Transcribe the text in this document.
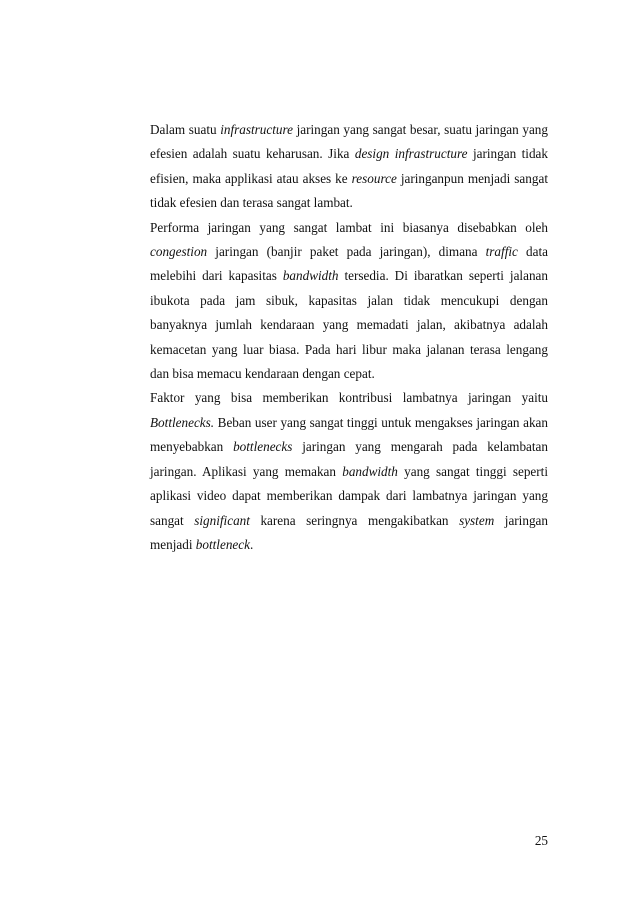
Dalam suatu infrastructure jaringan yang sangat besar, suatu jaringan yang efesien adalah suatu keharusan. Jika design infrastructure jaringan tidak efisien, maka applikasi atau akses ke resource jaringanpun menjadi sangat tidak efesien dan terasa sangat lambat.

Performa jaringan yang sangat lambat ini biasanya disebabkan oleh congestion jaringan (banjir paket pada jaringan), dimana traffic data melebihi dari kapasitas bandwidth tersedia. Di ibaratkan seperti jalanan ibukota pada jam sibuk, kapasitas jalan tidak mencukupi dengan banyaknya jumlah kendaraan yang memadati jalan, akibatnya adalah kemacetan yang luar biasa. Pada hari libur maka jalanan terasa lengang dan bisa memacu kendaraan dengan cepat.

Faktor yang bisa memberikan kontribusi lambatnya jaringan yaitu Bottlenecks. Beban user yang sangat tinggi untuk mengakses jaringan akan menyebabkan bottlenecks jaringan yang mengarah pada kelambatan jaringan. Aplikasi yang memakan bandwidth yang sangat tinggi seperti aplikasi video dapat memberikan dampak dari lambatnya jaringan yang sangat significant karena seringnya mengakibatkan system jaringan menjadi bottleneck.

25
